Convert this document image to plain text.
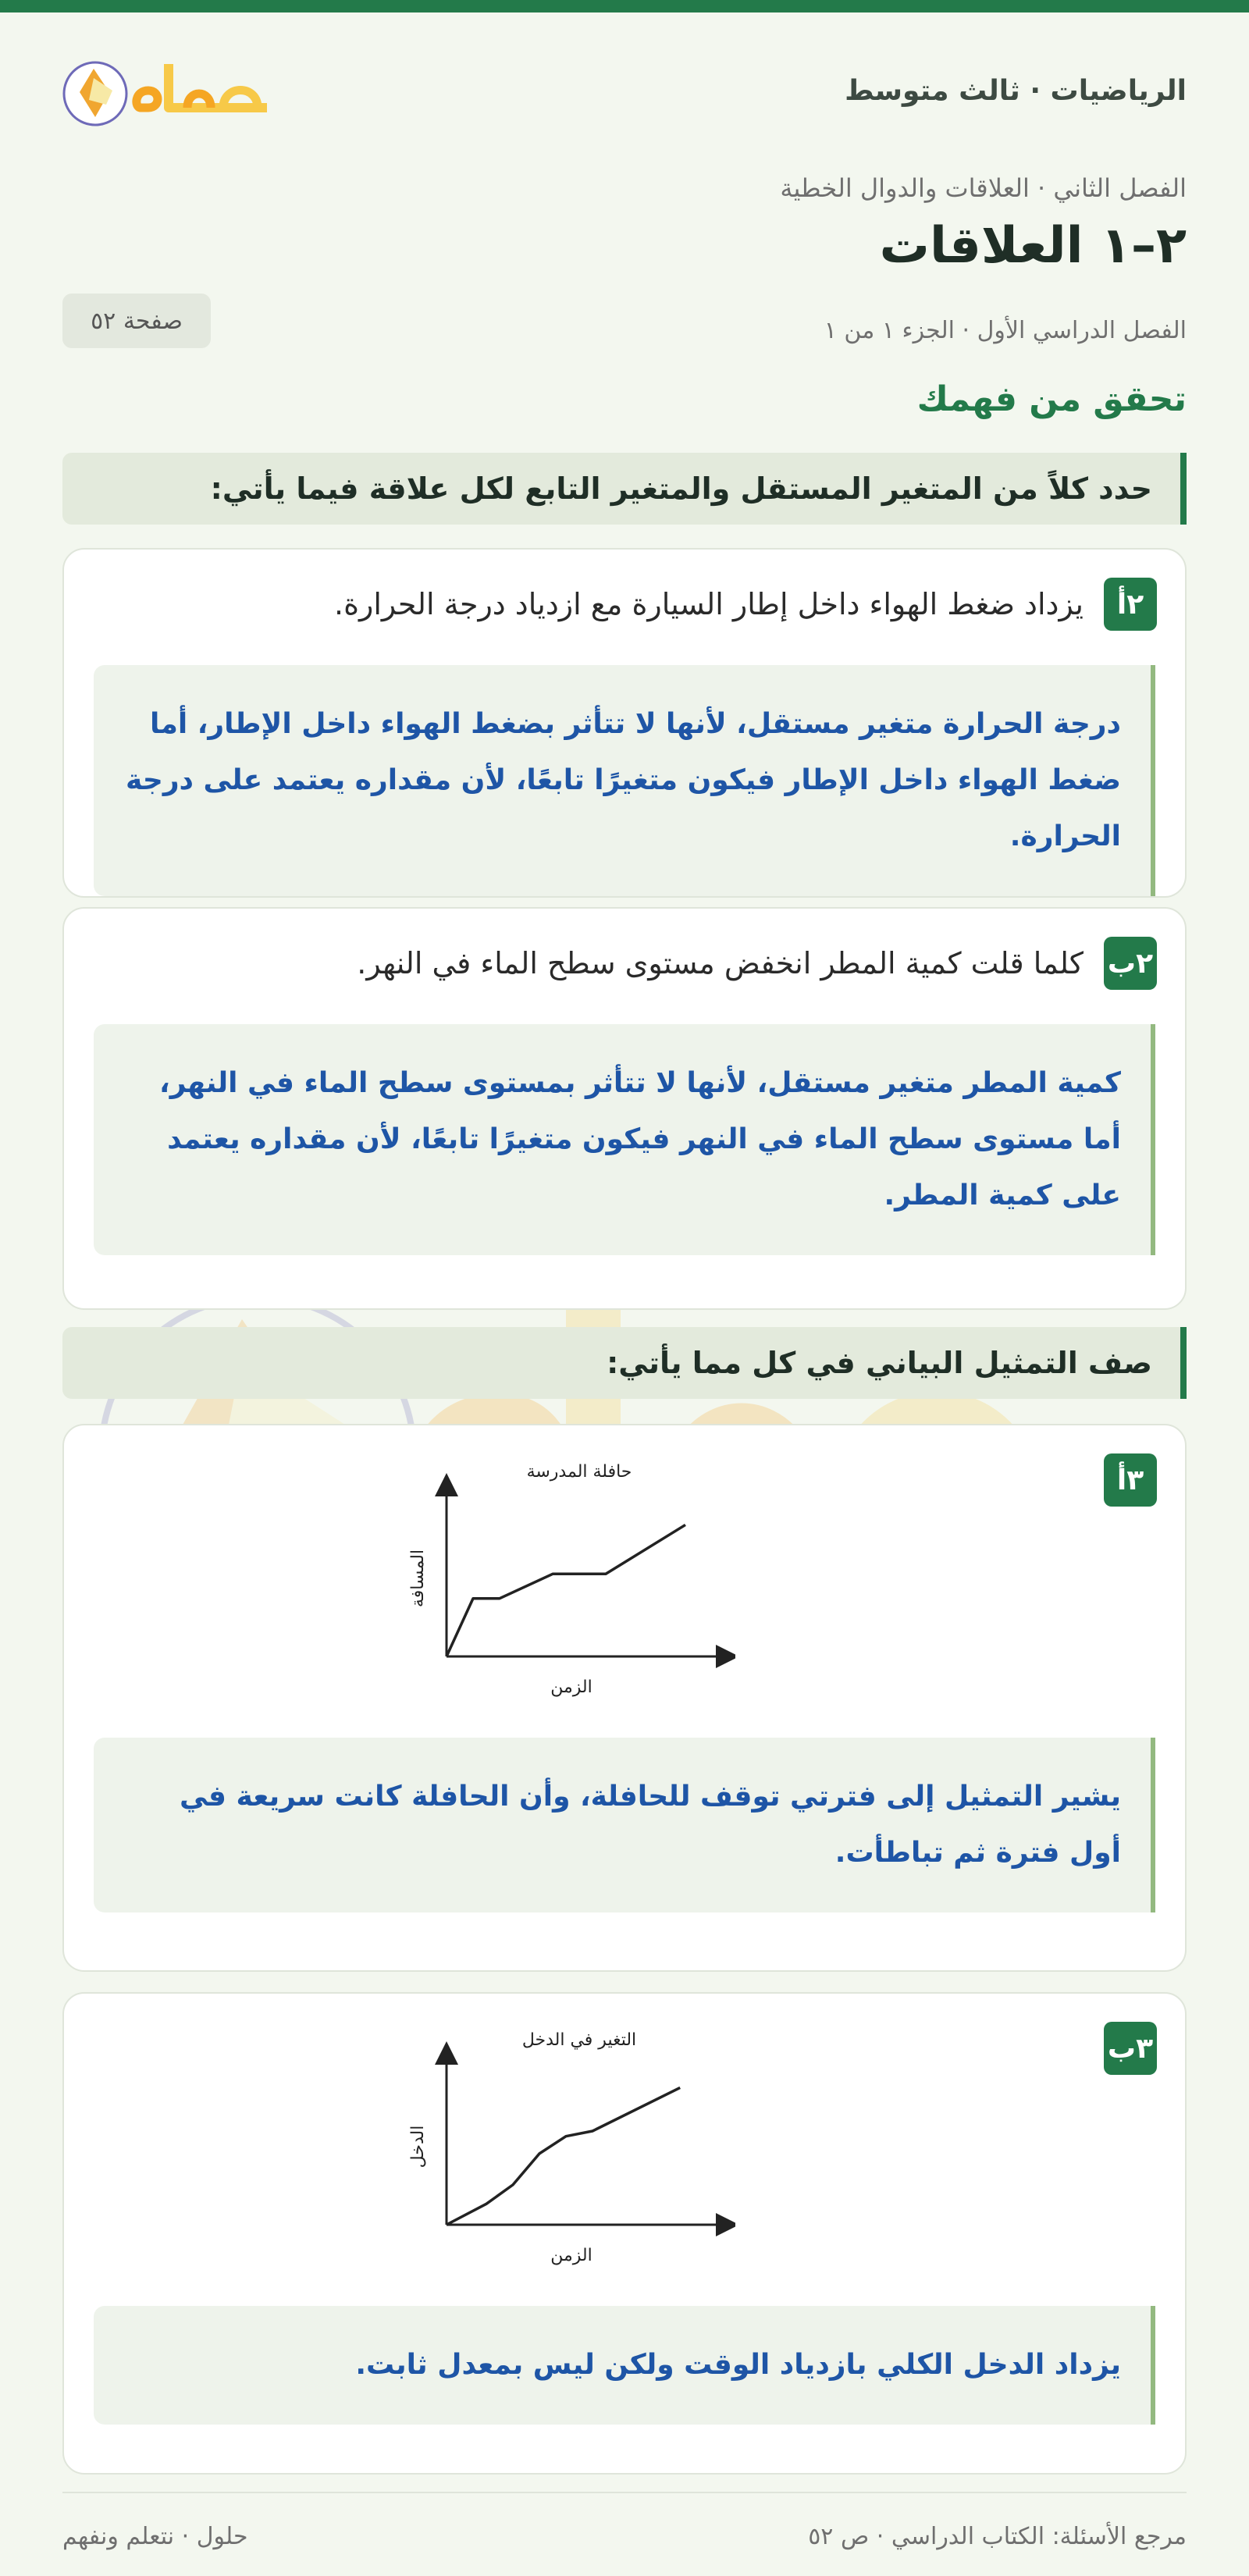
الرياضيات · ثالث متوسط
الفصل الثاني · العلاقات والدوال الخطية
٢–١ العلاقات
الفصل الدراسي الأول · الجزء ١ من ١
صفحة ٥٢
تحقق من فهمك
حدد كلاً من المتغير المستقل والمتغير التابع لكل علاقة فيما يأتي:
٢أ
يزداد ضغط الهواء داخل إطار السيارة مع ازدياد درجة الحرارة.
درجة الحرارة متغير مستقل، لأنها لا تتأثر بضغط الهواء داخل الإطار، أما ضغط الهواء داخل الإطار فيكون متغيرًا تابعًا، لأن مقداره يعتمد على درجة الحرارة.
٢ب
كلما قلت كمية المطر انخفض مستوى سطح الماء في النهر.
كمية المطر متغير مستقل، لأنها لا تتأثر بمستوى سطح الماء في النهر، أما مستوى سطح الماء في النهر فيكون متغيرًا تابعًا، لأن مقداره يعتمد على كمية المطر.
صف التمثيل البياني في كل مما يأتي:
٣أ
حافلة المدرسة
الزمن
المسافة
يشير التمثيل إلى فترتي توقف للحافلة، وأن الحافلة كانت سريعة في أول فترة ثم تباطأت.
٣ب
التغير في الدخل
الزمن
الدخل
يزداد الدخل الكلي بازدياد الوقت ولكن ليس بمعدل ثابت.
مرجع الأسئلة: الكتاب الدراسي · ص ٥٢
حلول · نتعلم ونفهم
